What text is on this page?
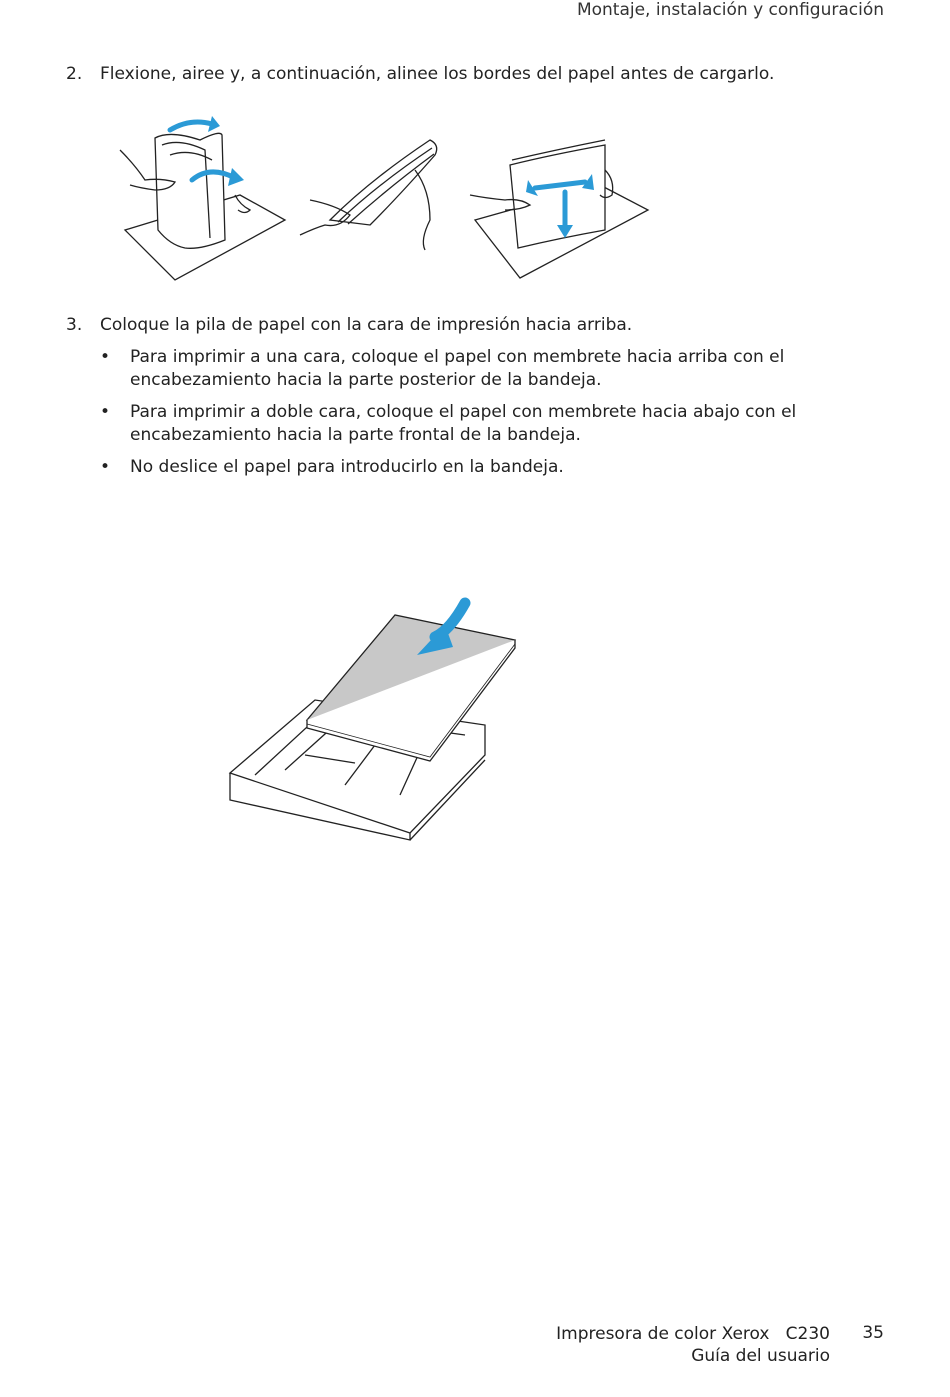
Montaje, instalación y configuración
2. Flexione, airee y, a continuación, alinee los bordes del papel antes de cargarlo.
3. Coloque la pila de papel con la cara de impresión hacia arriba.
• Para imprimir a una cara, coloque el papel con membrete hacia arriba con el encabezamiento hacia la parte posterior de la bandeja.
• Para imprimir a doble cara, coloque el papel con membrete hacia abajo con el encabezamiento hacia la parte frontal de la bandeja.
• No deslice el papel para introducirlo en la bandeja.
Impresora de color Xerox   C230
Guía del usuario
35
